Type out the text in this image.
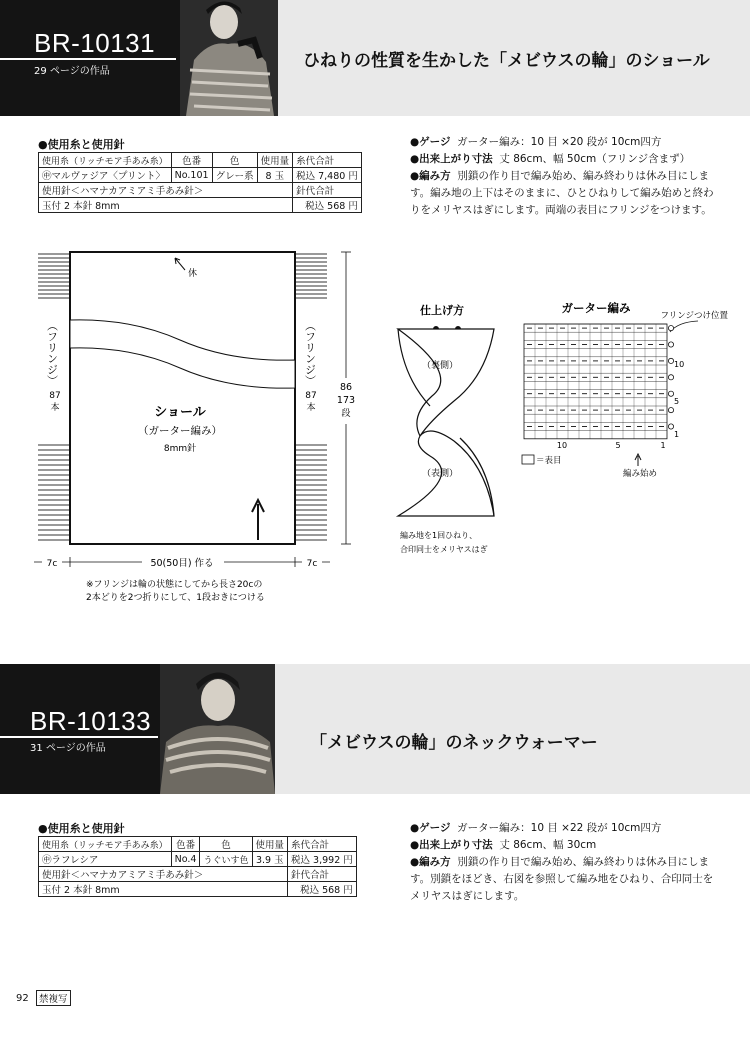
BR-10131
29 ページの作品
ひねりの性質を生かした「メビウスの輪」のショール
●使用糸と使用針
使用糸（リッチモア手あみ糸）	色番	色	使用量	糸代合計
㊥マルヴァジア〈プリント〉	No.101	グレー系	8 玉	税込 7,480 円
使用針＜ハマナカアミアミ手あみ針＞				針代合計
玉付 2 本針 8mm				税込 568 円
●ゲージ ガーター編み：10 目 ×20 段が 10cm四方
●出来上がり寸法 丈 86cm、幅 50cm（フリンジ含まず）
●編み方 別鎖の作り目で編み始め、編み終わりは休み目にしま
す。編み地の上下はそのままに、ひとひねりして編み始めと終わ
りをメリヤスはぎにします。両端の表目にフリンジをつけます。
休
（フリンジ）
87
本
（フリンジ）
87
本
ショール
（ガーター編み）
8mm針
86
173
段
50(50目) 作る
7c	7c
※フリンジは輪の状態にしてから長さ20cの
2本どりを2つ折りにして、1段おきにつける
仕上げ方
（裏側）
（表側）
編み地を1回ひねり、
合印同士をメリヤスはぎ
ガーター編み
フリンジつけ位置
10
5
1
10	5	1
＝表目
編み始め
BR-10133
31 ページの作品	「メビウスの輪」のネックウォーマー
●使用糸と使用針
使用糸（リッチモア手あみ糸）	色番	色	使用量	糸代合計
㊥ラフレシア	No.4	うぐいす色	3.9 玉	税込 3,992 円
使用針＜ハマナカアミアミ手あみ針＞				針代合計
玉付 2 本針 8mm				税込 568 円
●ゲージ ガーター編み：10 目 ×22 段が 10cm四方
●出来上がり寸法 丈 86cm、幅 30cm
●編み方 別鎖の作り目で編み始め、編み終わりは休み目にしま
す。別鎖をほどき、右図を参照して編み地をひねり、合印同士を
メリヤスはぎにします。
92	禁複写
